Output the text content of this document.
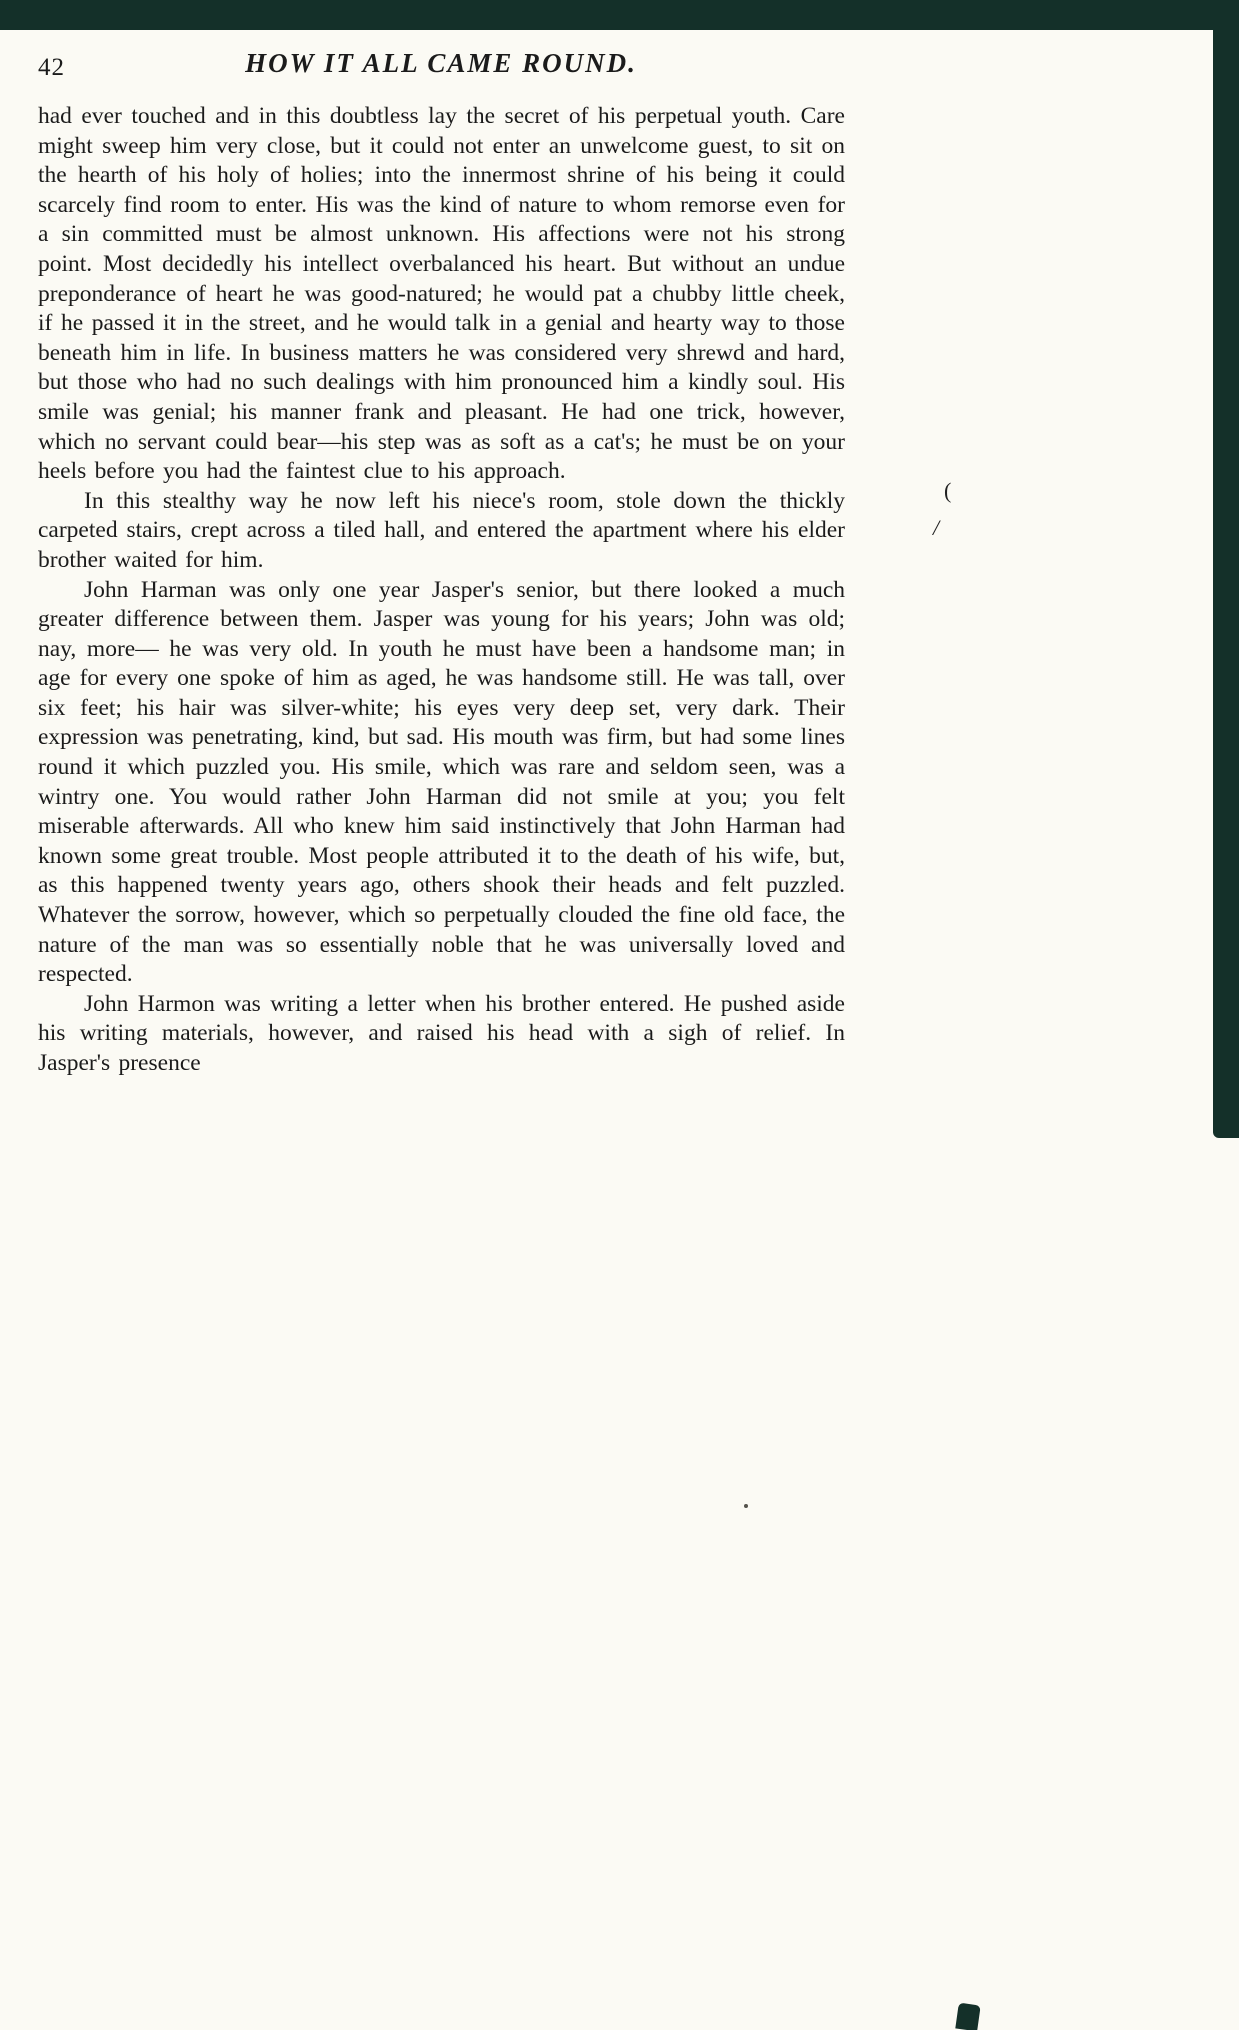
42	HOW IT ALL CAME ROUND.

had ever touched and in this doubtless lay the secret of his perpetual youth. Care might sweep him very close, but it could not enter an unwelcome guest, to sit on the hearth of his holy of holies; into the innermost shrine of his being it could scarcely find room to enter. His was the kind of nature to whom remorse even for a sin committed must be almost unknown. His affections were not his strong point. Most decidedly his intellect overbalanced his heart. But without an undue preponderance of heart he was good-natured; he would pat a chubby little cheek, if he passed it in the street, and he would talk in a genial and hearty way to those beneath him in life. In business matters he was considered very shrewd and hard, but those who had no such dealings with him pronounced him a kindly soul. His smile was genial; his manner frank and pleasant. He had one trick, however, which no servant could bear—his step was as soft as a cat's; he must be on your heels before you had the faintest clue to his approach.

In this stealthy way he now left his niece's room, stole down the thickly carpeted stairs, crept across a tiled hall, and entered the apartment where his elder brother waited for him.

John Harman was only one year Jasper's senior, but there looked a much greater difference between them. Jasper was young for his years; John was old; nay, more— he was very old. In youth he must have been a handsome man; in age for every one spoke of him as aged, he was handsome still. He was tall, over six feet; his hair was silver-white; his eyes very deep set, very dark. Their expression was penetrating, kind, but sad. His mouth was firm, but had some lines round it which puzzled you. His smile, which was rare and seldom seen, was a wintry one. You would rather John Harman did not smile at you; you felt miserable afterwards. All who knew him said instinctively that John Harman had known some great trouble. Most people attributed it to the death of his wife, but, as this happened twenty years ago, others shook their heads and felt puzzled. Whatever the sorrow, however, which so perpetually clouded the fine old face, the nature of the man was so essentially noble that he was universally loved and respected.

John Harmon was writing a letter when his brother entered. He pushed aside his writing materials, however, and raised his head with a sigh of relief. In Jasper's presence

(
/
